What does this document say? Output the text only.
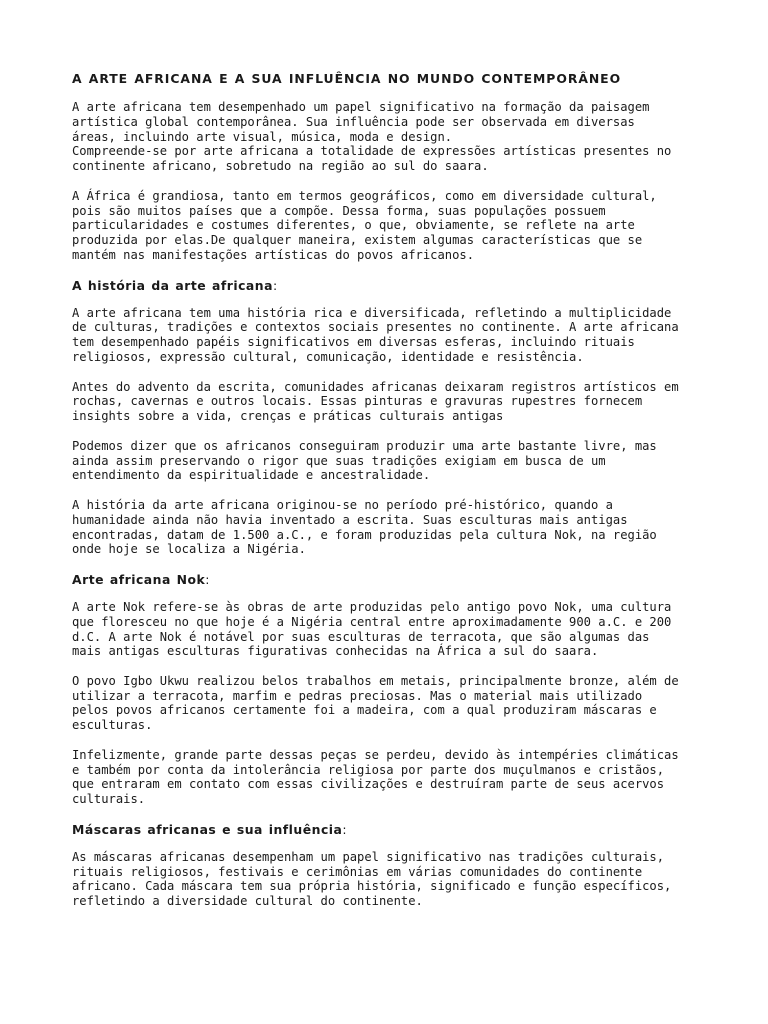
A ARTE AFRICANA E A SUA INFLUÊNCIA NO MUNDO CONTEMPORÂNEO
A arte africana tem desempenhado um papel significativo na formação da paisagem
artística global contemporânea. Sua influência pode ser observada em diversas
áreas, incluindo arte visual, música, moda e design.
Compreende-se por arte africana a totalidade de expressões artísticas presentes no
continente africano, sobretudo na região ao sul do saara.
A África é grandiosa, tanto em termos geográficos, como em diversidade cultural,
pois são muitos países que a compõe. Dessa forma, suas populações possuem
particularidades e costumes diferentes, o que, obviamente, se reflete na arte
produzida por elas.De qualquer maneira, existem algumas características que se
mantém nas manifestações artísticas do povos africanos.
A história da arte africana:
A arte africana tem uma história rica e diversificada, refletindo a multiplicidade
de culturas, tradições e contextos sociais presentes no continente. A arte africana
tem desempenhado papéis significativos em diversas esferas, incluindo rituais
religiosos, expressão cultural, comunicação, identidade e resistência.
Antes do advento da escrita, comunidades africanas deixaram registros artísticos em
rochas, cavernas e outros locais. Essas pinturas e gravuras rupestres fornecem
insights sobre a vida, crenças e práticas culturais antigas
Podemos dizer que os africanos conseguiram produzir uma arte bastante livre, mas
ainda assim preservando o rigor que suas tradições exigiam em busca de um
entendimento da espiritualidade e ancestralidade.
A história da arte africana originou-se no período pré-histórico, quando a
humanidade ainda não havia inventado a escrita. Suas esculturas mais antigas
encontradas, datam de 1.500 a.C., e foram produzidas pela cultura Nok, na região
onde hoje se localiza a Nigéria.
Arte africana Nok:
A arte Nok refere-se às obras de arte produzidas pelo antigo povo Nok, uma cultura
que floresceu no que hoje é a Nigéria central entre aproximadamente 900 a.C. e 200
d.C. A arte Nok é notável por suas esculturas de terracota, que são algumas das
mais antigas esculturas figurativas conhecidas na África a sul do saara.
O povo Igbo Ukwu realizou belos trabalhos em metais, principalmente bronze, além de
utilizar a terracota, marfim e pedras preciosas. Mas o material mais utilizado
pelos povos africanos certamente foi a madeira, com a qual produziram máscaras e
esculturas.
Infelizmente, grande parte dessas peças se perdeu, devido às intempéries climáticas
e também por conta da intolerância religiosa por parte dos muçulmanos e cristãos,
que entraram em contato com essas civilizações e destruíram parte de seus acervos
culturais.
Máscaras africanas e sua influência:
As máscaras africanas desempenham um papel significativo nas tradições culturais,
rituais religiosos, festivais e cerimônias em várias comunidades do continente
africano. Cada máscara tem sua própria história, significado e função específicos,
refletindo a diversidade cultural do continente.
